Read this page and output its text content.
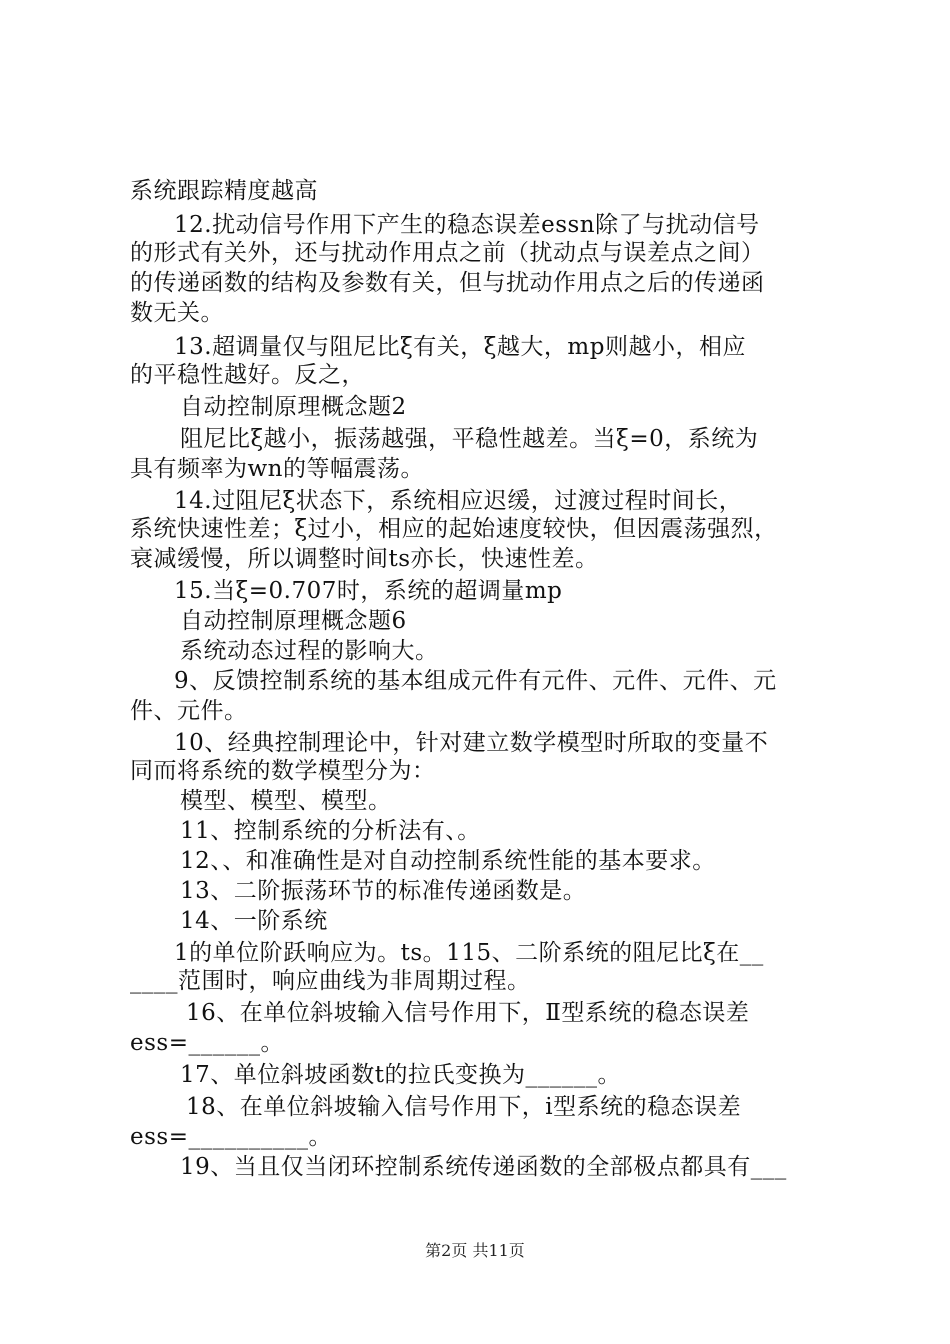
系统跟踪精度越高
12.扰动信号作用下产生的稳态误差essn除了与扰动信号
的形式有关外，还与扰动作用点之前（扰动点与误差点之间）
的传递函数的结构及参数有关，但与扰动作用点之后的传递函
数无关。
13.超调量仅与阻尼比ξ有关，ξ越大，mp则越小，相应
的平稳性越好。反之，
自动控制原理概念题2
阻尼比ξ越小，振荡越强，平稳性越差。当ξ=0，系统为
具有频率为wn的等幅震荡。
14.过阻尼ξ状态下，系统相应迟缓，过渡过程时间长，
系统快速性差；ξ过小，相应的起始速度较快，但因震荡强烈，
衰减缓慢，所以调整时间ts亦长，快速性差。
15.当ξ=0.707时，系统的超调量mp
自动控制原理概念题6
系统动态过程的影响大。
9、反馈控制系统的基本组成元件有元件、元件、元件、元
件、元件。
10、经典控制理论中，针对建立数学模型时所取的变量不
同而将系统的数学模型分为：
模型、模型、模型。
11、控制系统的分析法有、。
12、、和准确性是对自动控制系统性能的基本要求。
13、二阶振荡环节的标准传递函数是。
14、一阶系统
1的单位阶跃响应为。ts。115、二阶系统的阻尼比ξ在__
____范围时，响应曲线为非周期过程。
16、在单位斜坡输入信号作用下，Ⅱ型系统的稳态误差
ess=______。
17、单位斜坡函数t的拉氏变换为______。
18、在单位斜坡输入信号作用下，i型系统的稳态误差
ess=__________。
19、当且仅当闭环控制系统传递函数的全部极点都具有___
第2页 共11页
